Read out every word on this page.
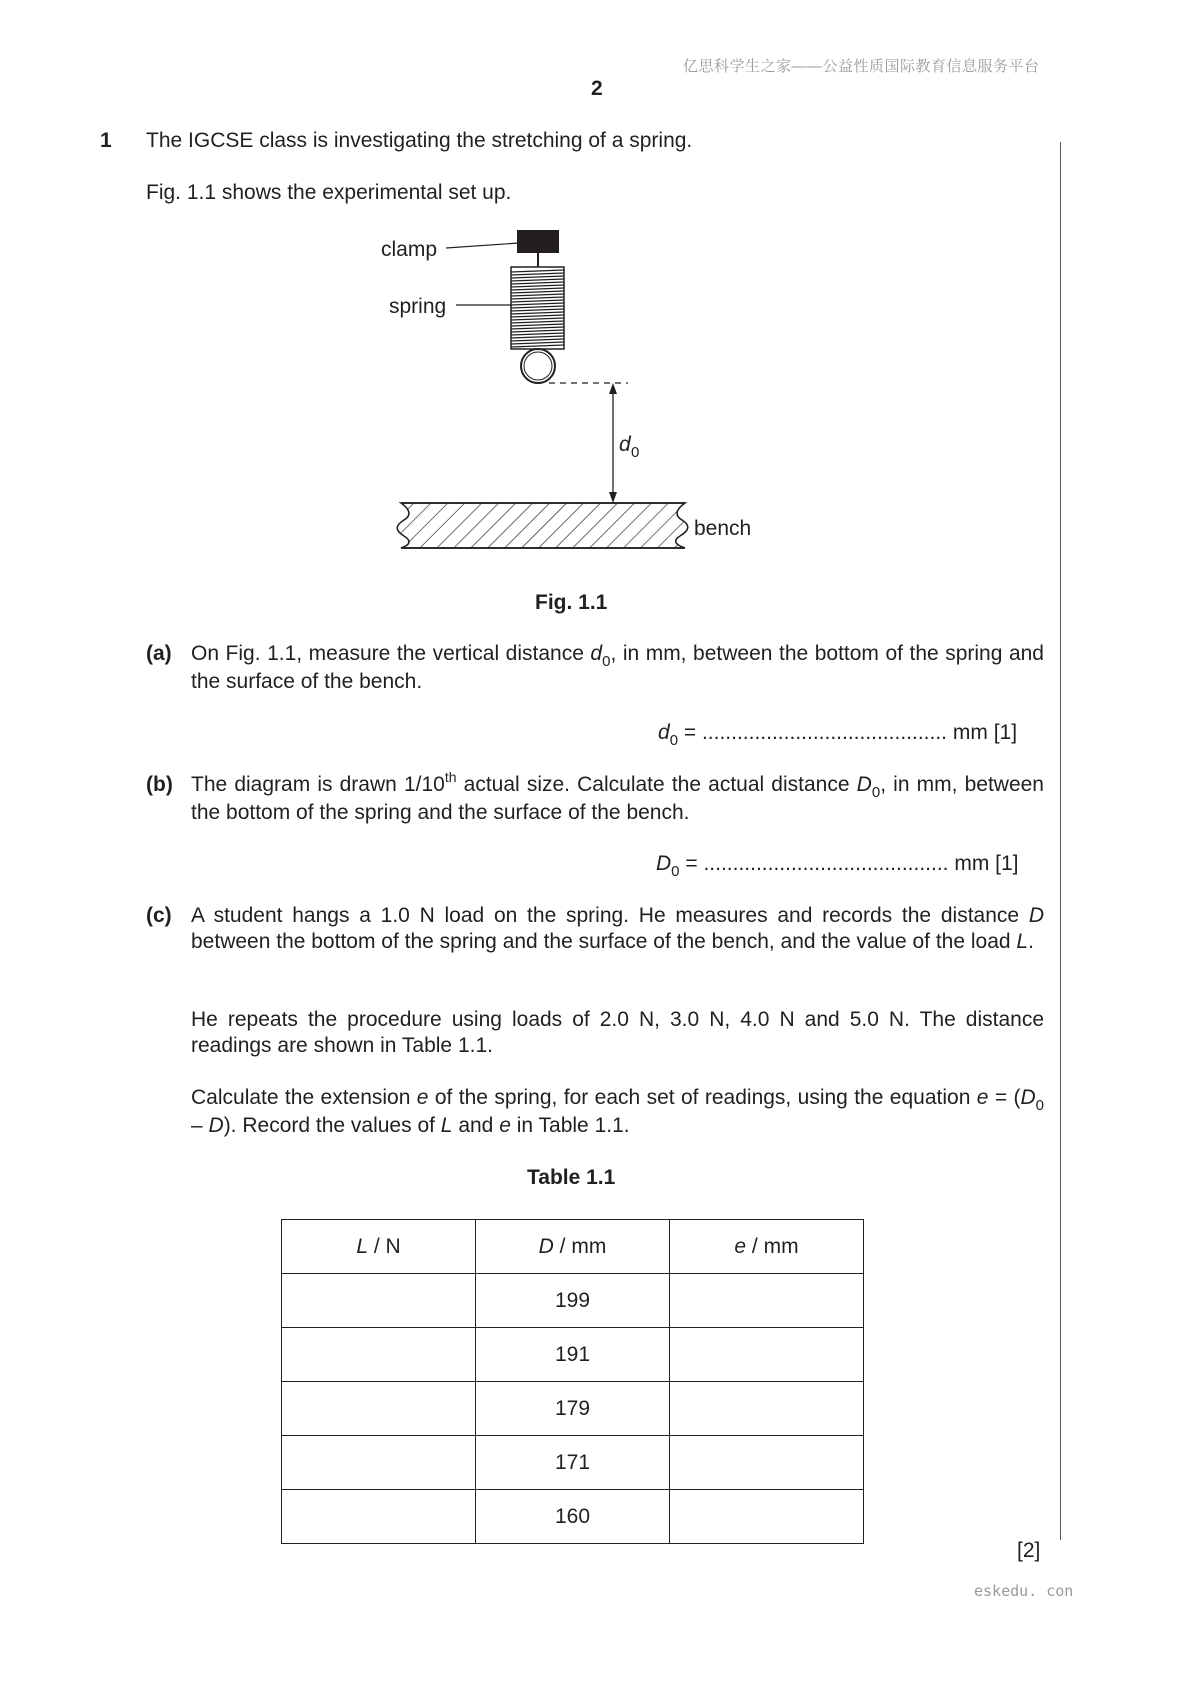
亿思科学生之家——公益性质国际教育信息服务平台
2
1 The IGCSE class is investigating the stretching of a spring.
Fig. 1.1 shows the experimental set up.
clamp
spring
d 0
bench
Fig. 1.1
(a) On Fig. 1.1, measure the vertical distance $d_0$, in mm, between the bottom of the spring and the surface of the bench.
$d_0$ = .......................................... mm [1]
(b) The diagram is drawn 1/10th actual size. Calculate the actual distance $D_0$, in mm, between the bottom of the spring and the surface of the bench.
$D_0$ = .......................................... mm [1]
(c) A student hangs a 1.0 N load on the spring. He measures and records the distance D between the bottom of the spring and the surface of the bench, and the value of the load L.
He repeats the procedure using loads of 2.0 N, 3.0 N, 4.0 N and 5.0 N. The distance readings are shown in Table 1.1.
Calculate the extension e of the spring, for each set of readings, using the equation $e = (D_0 - D)$. Record the values of L and e in Table 1.1.
Table 1.1
L / N	D / mm	e / mm
	199	
	191	
	179	
	171	
	160	
[2]
eskedu. con
